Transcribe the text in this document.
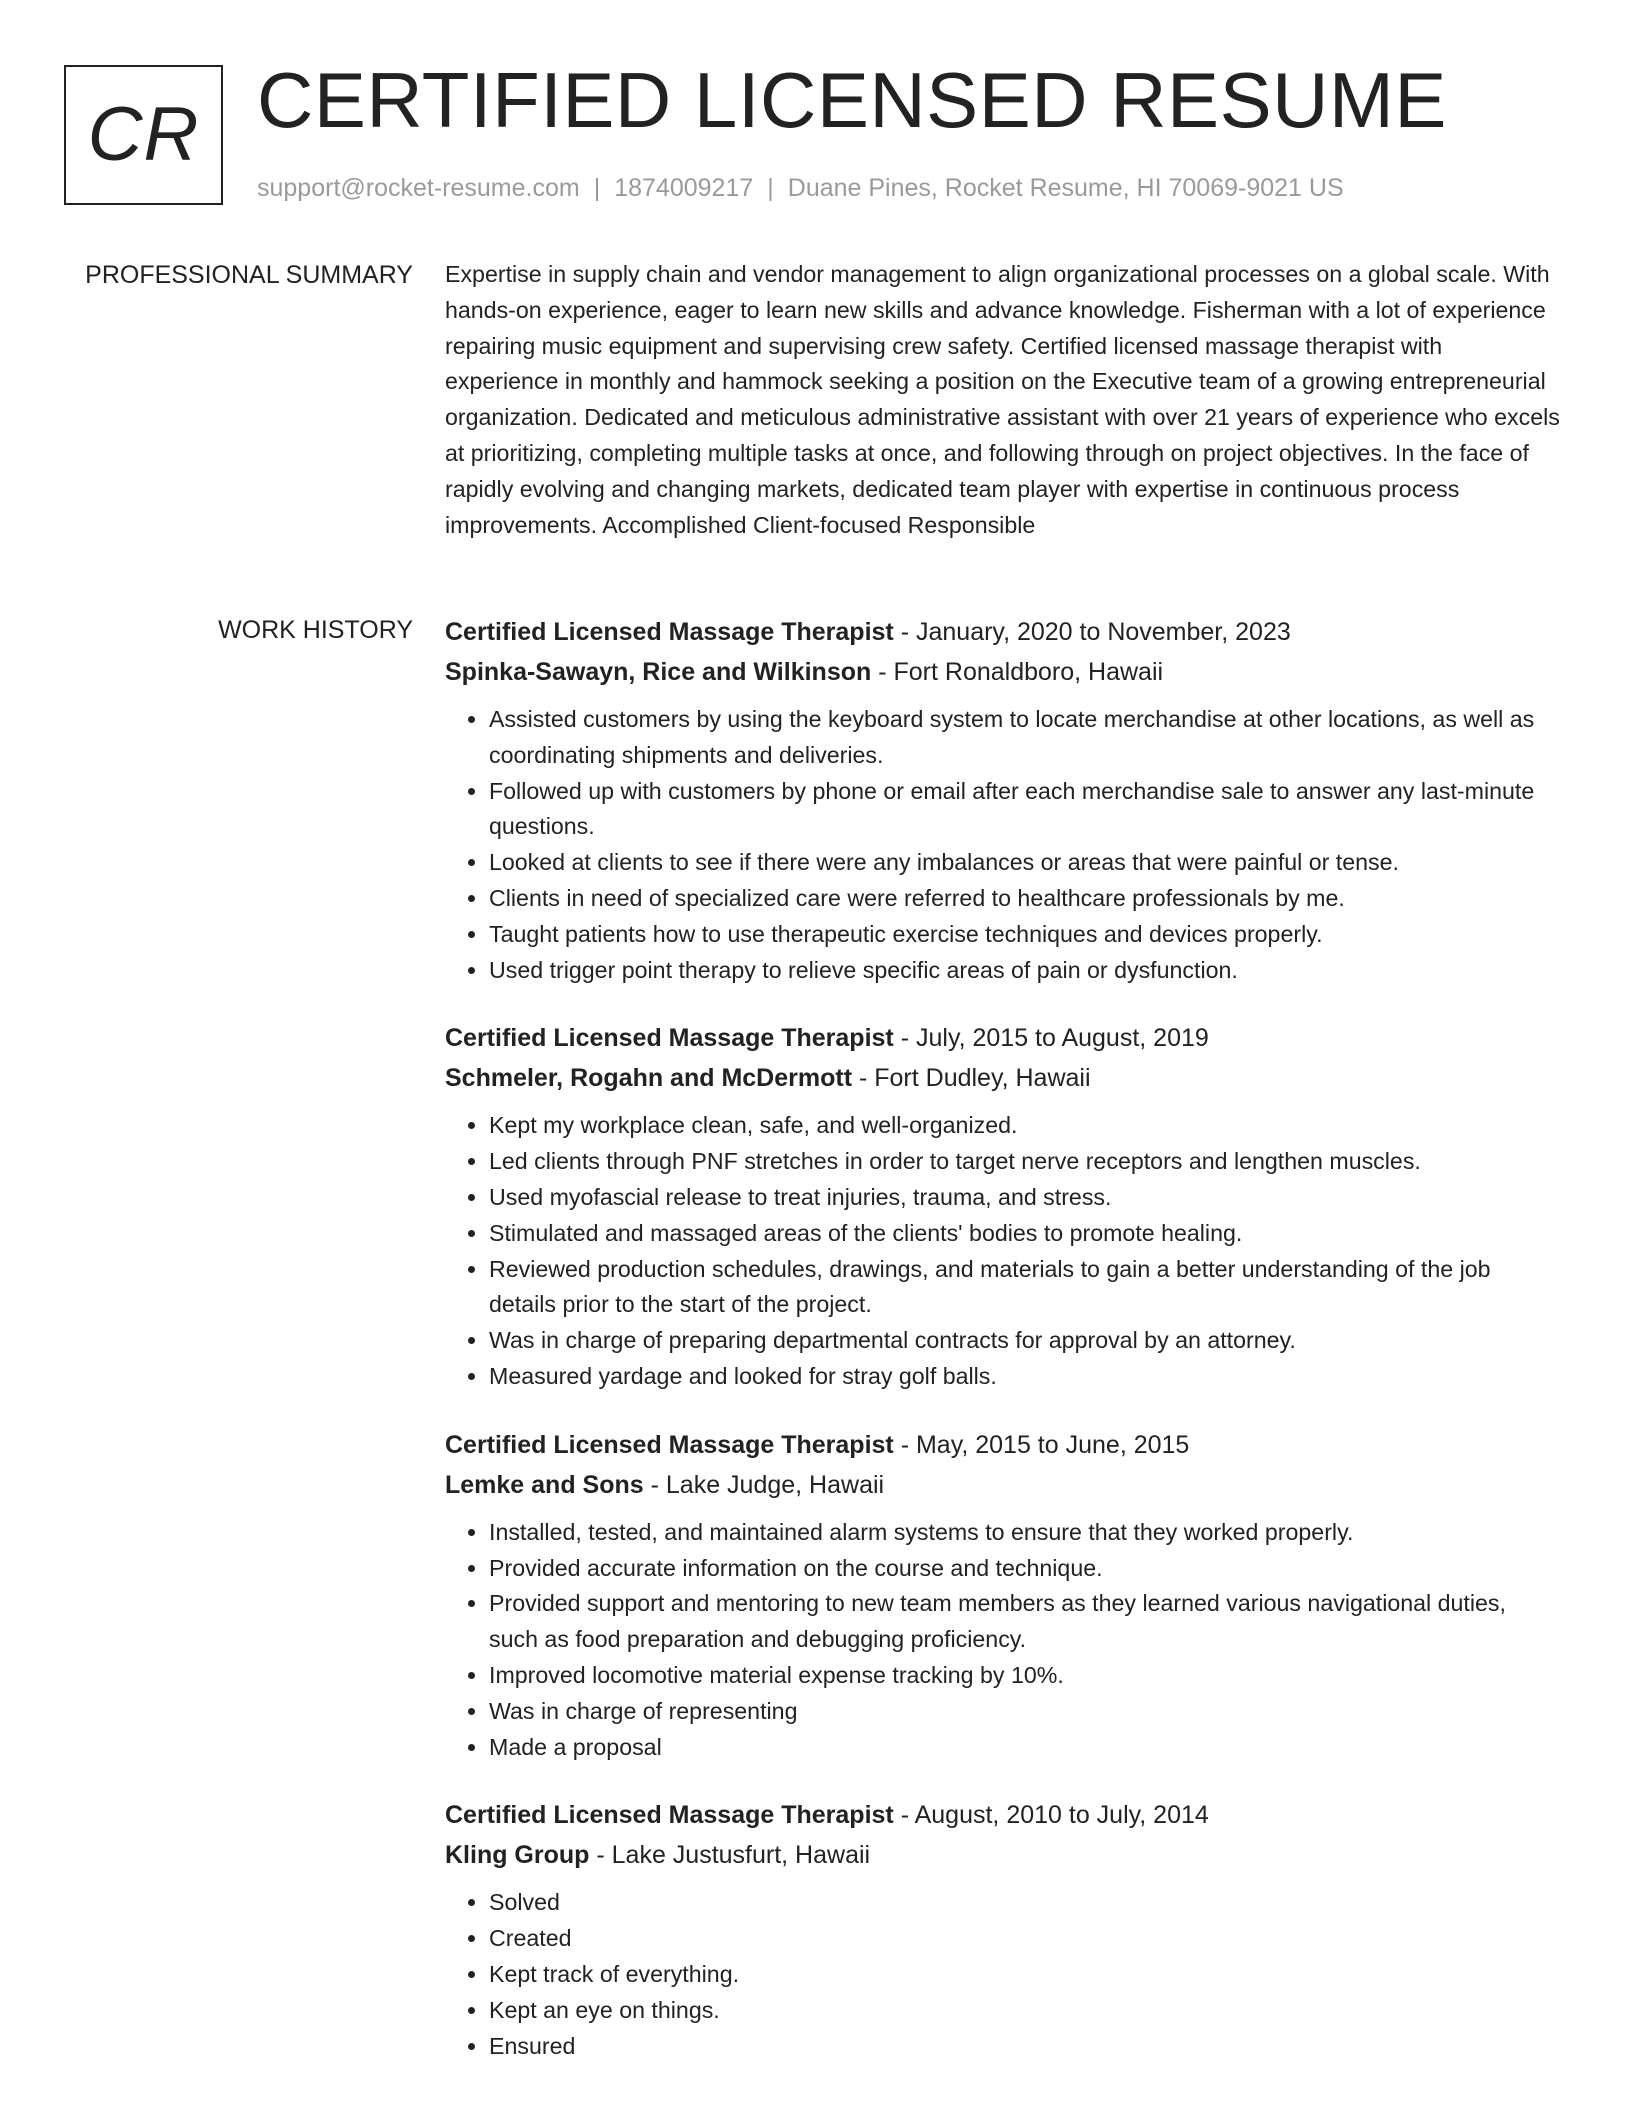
CR CERTIFIED LICENSED RESUME
support@rocket-resume.com | 1874009217 | Duane Pines, Rocket Resume, HI 70069-9021 US
PROFESSIONAL SUMMARY Expertise in supply chain and vendor management to align organizational processes on a global scale. With hands-on experience, eager to learn new skills and advance knowledge. Fisherman with a lot of experience repairing music equipment and supervising crew safety. Certified licensed massage therapist with experience in monthly and hammock seeking a position on the Executive team of a growing entrepreneurial organization. Dedicated and meticulous administrative assistant with over 21 years of experience who excels at prioritizing, completing multiple tasks at once, and following through on project objectives. In the face of rapidly evolving and changing markets, dedicated team player with expertise in continuous process improvements. Accomplished Client-focused Responsible

WORK HISTORY Certified Licensed Massage Therapist - January, 2020 to November, 2023
Spinka-Sawayn, Rice and Wilkinson - Fort Ronaldboro, Hawaii
• Assisted customers by using the keyboard system to locate merchandise at other locations, as well as coordinating shipments and deliveries.
• Followed up with customers by phone or email after each merchandise sale to answer any last-minute questions.
• Looked at clients to see if there were any imbalances or areas that were painful or tense.
• Clients in need of specialized care were referred to healthcare professionals by me.
• Taught patients how to use therapeutic exercise techniques and devices properly.
• Used trigger point therapy to relieve specific areas of pain or dysfunction.
Certified Licensed Massage Therapist - July, 2015 to August, 2019
Schmeler, Rogahn and McDermott - Fort Dudley, Hawaii
• Kept my workplace clean, safe, and well-organized.
• Led clients through PNF stretches in order to target nerve receptors and lengthen muscles.
• Used myofascial release to treat injuries, trauma, and stress.
• Stimulated and massaged areas of the clients' bodies to promote healing.
• Reviewed production schedules, drawings, and materials to gain a better understanding of the job details prior to the start of the project.
• Was in charge of preparing departmental contracts for approval by an attorney.
• Measured yardage and looked for stray golf balls.
Certified Licensed Massage Therapist - May, 2015 to June, 2015
Lemke and Sons - Lake Judge, Hawaii
• Installed, tested, and maintained alarm systems to ensure that they worked properly.
• Provided accurate information on the course and technique.
• Provided support and mentoring to new team members as they learned various navigational duties, such as food preparation and debugging proficiency.
• Improved locomotive material expense tracking by 10%.
• Was in charge of representing
• Made a proposal
Certified Licensed Massage Therapist - August, 2010 to July, 2014
Kling Group - Lake Justusfurt, Hawaii
• Solved
• Created
• Kept track of everything.
• Kept an eye on things.
• Ensured
